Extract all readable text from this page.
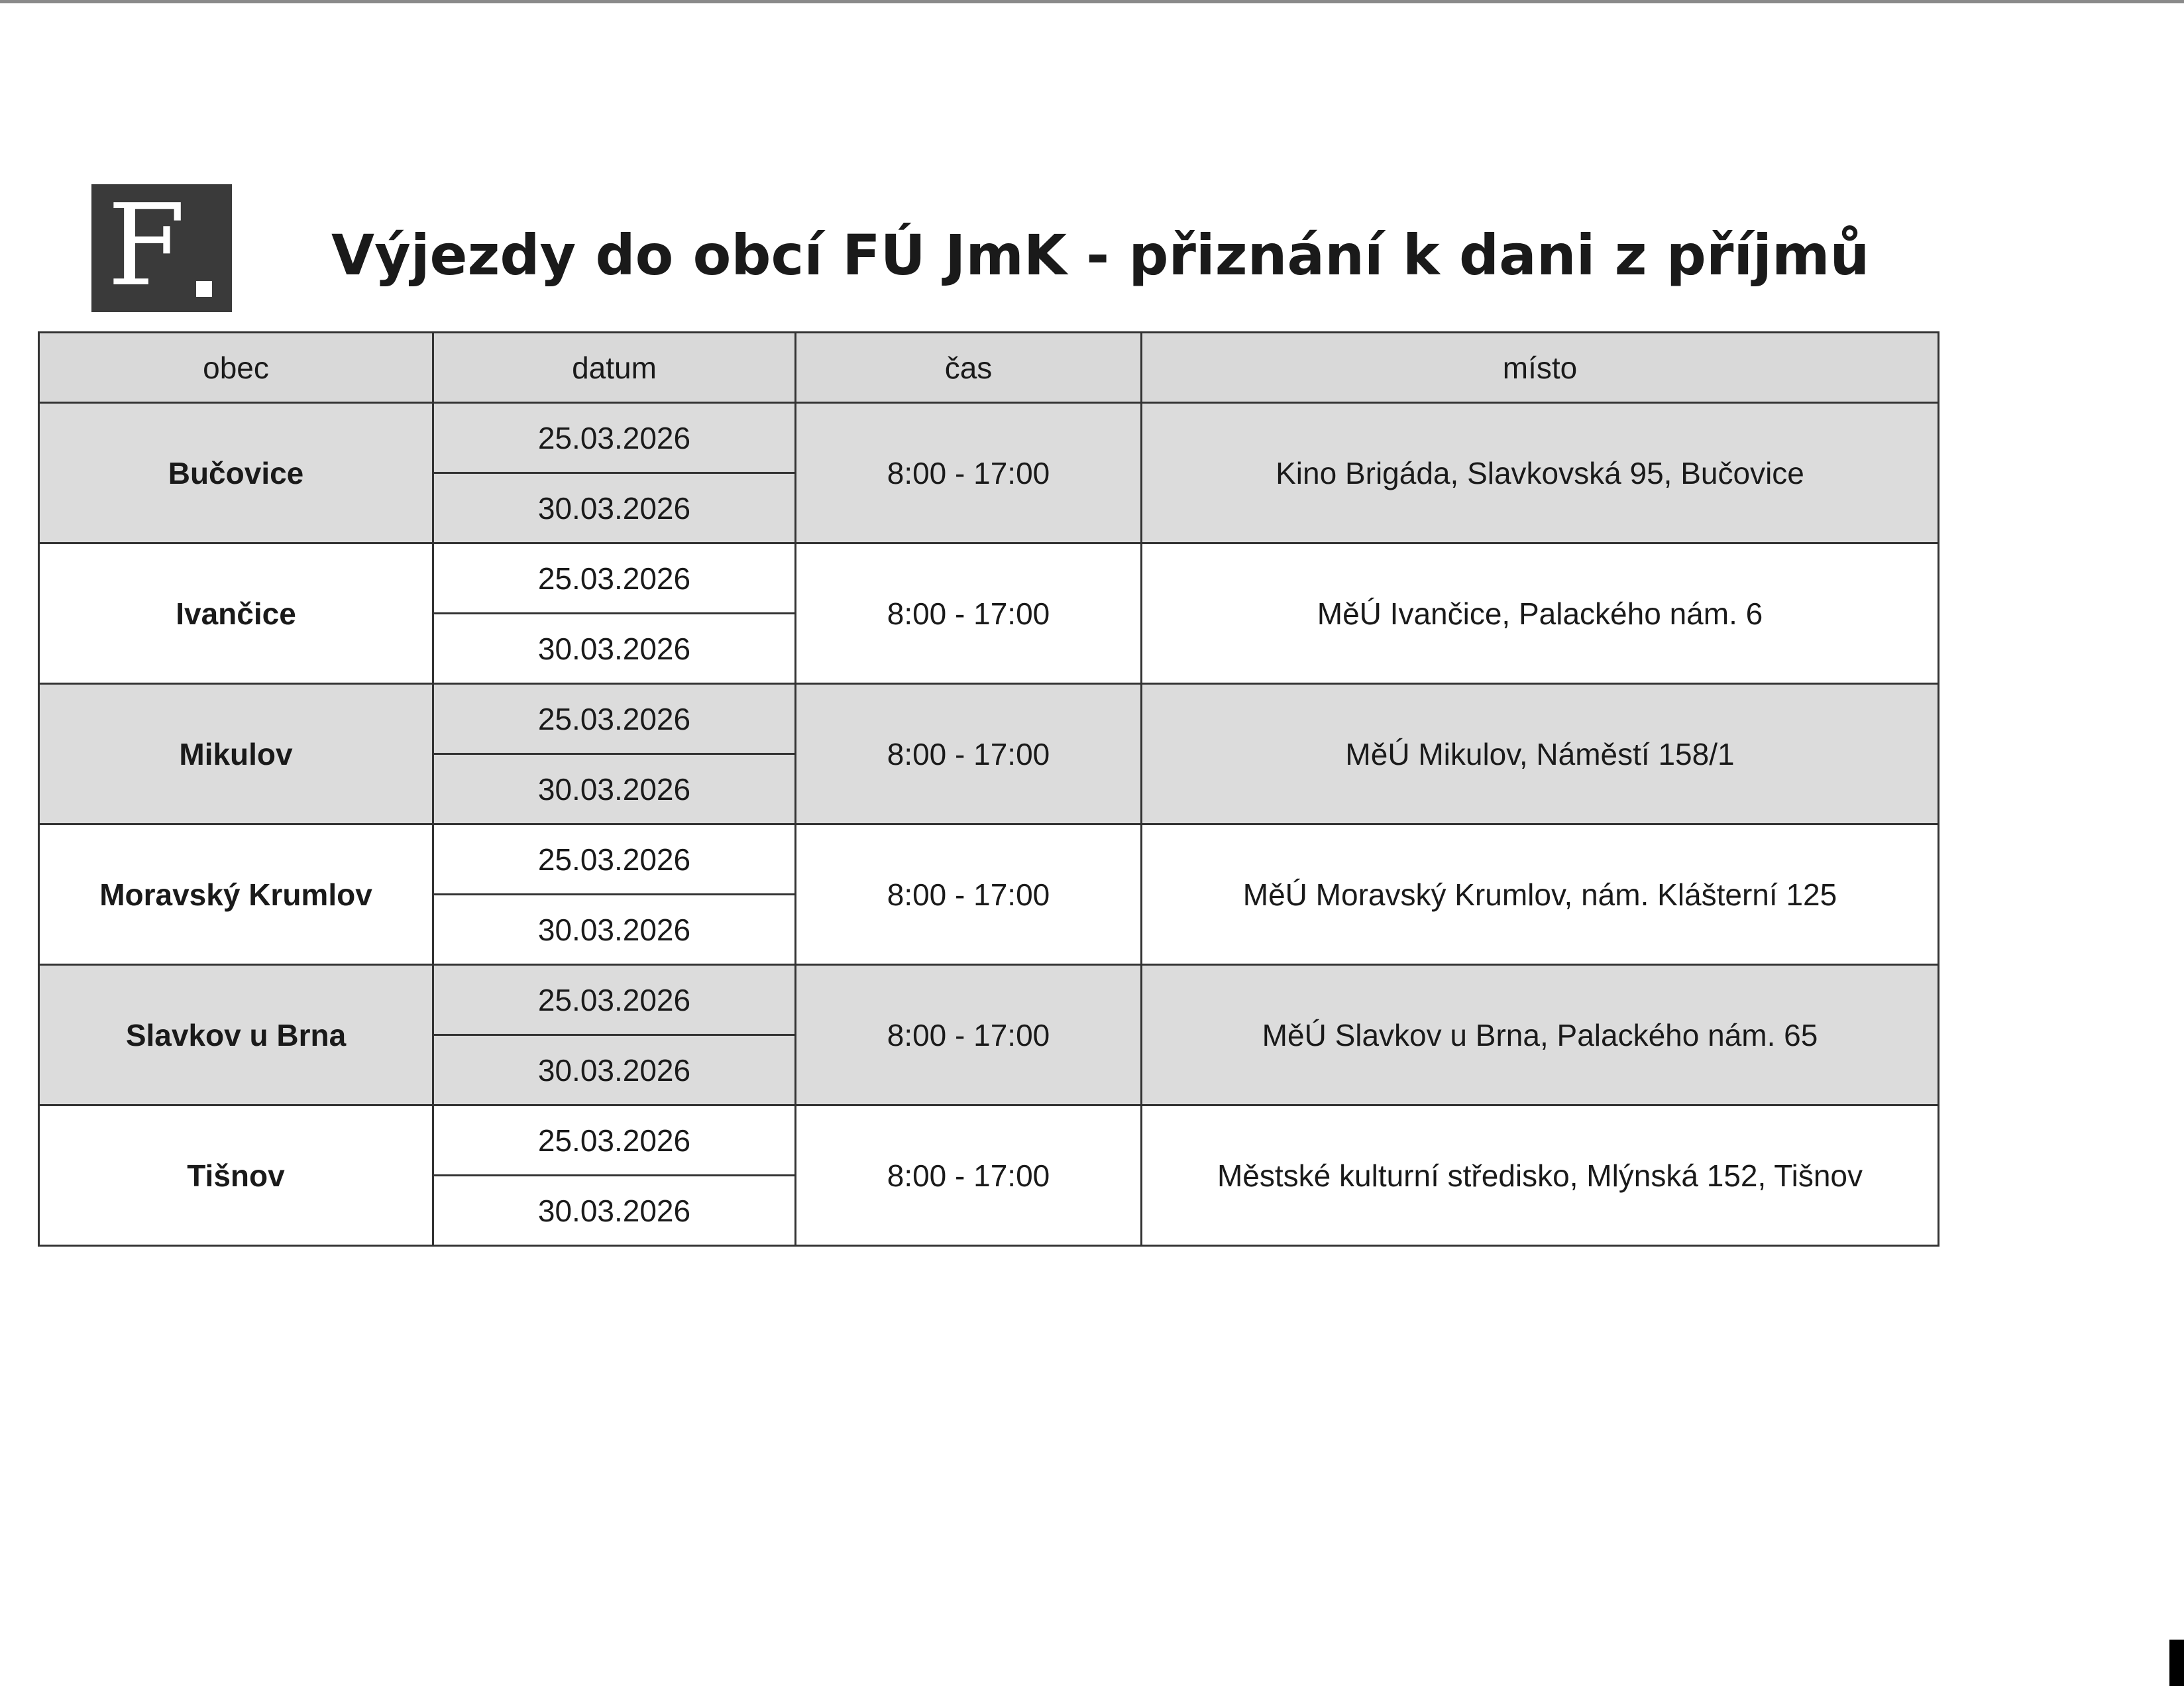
F	Výjezdy do obcí FÚ JmK - přiznání k dani z příjmů
obec	datum	čas	místo
Bučovice	25.03.2026	8:00 - 17:00	Kino Brigáda, Slavkovská 95, Bučovice
	30.03.2026		
Ivančice	25.03.2026	8:00 - 17:00	MěÚ Ivančice, Palackého nám. 6
	30.03.2026		
Mikulov	25.03.2026	8:00 - 17:00	MěÚ Mikulov, Náměstí 158/1
	30.03.2026		
Moravský Krumlov	25.03.2026	8:00 - 17:00	MěÚ Moravský Krumlov, nám. Klášterní 125
	30.03.2026		
Slavkov u Brna	25.03.2026	8:00 - 17:00	MěÚ Slavkov u Brna, Palackého nám. 65
	30.03.2026		
Tišnov	25.03.2026	8:00 - 17:00	Městské kulturní středisko, Mlýnská 152, Tišnov
	30.03.2026		
